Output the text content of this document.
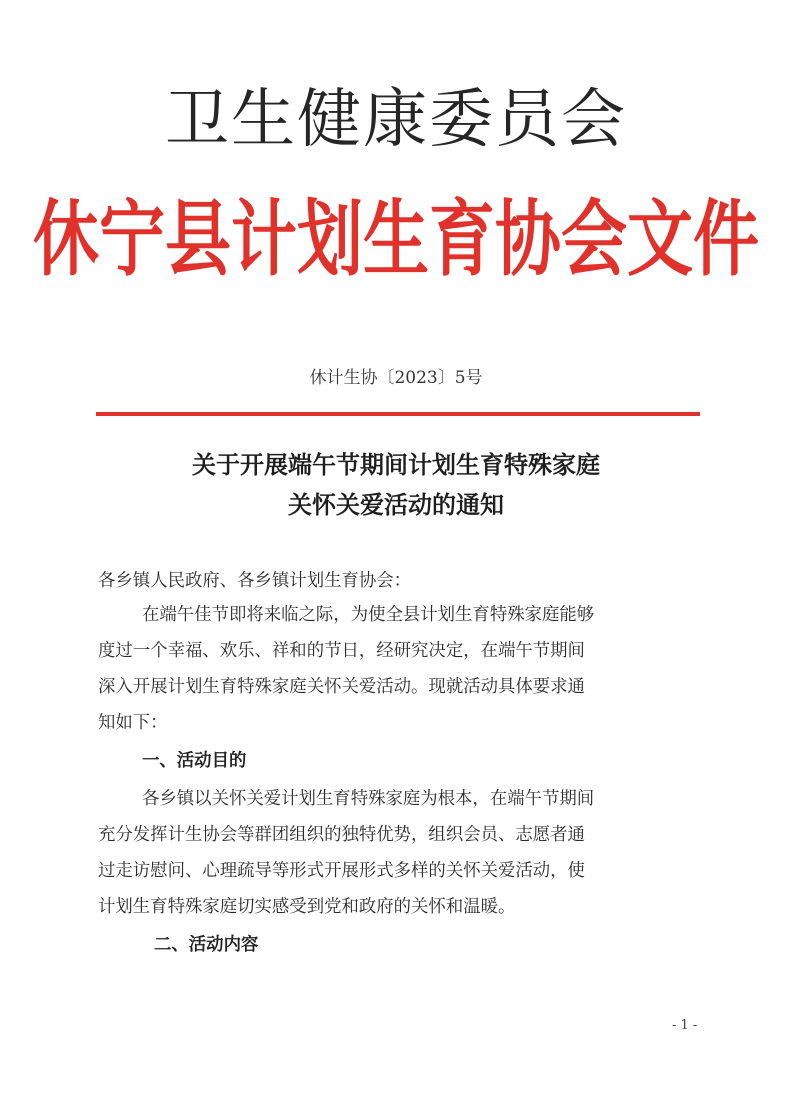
卫生健康委员会
休宁县计划生育协会文件
休计生协〔2023〕5号
关于开展端午节期间计划生育特殊家庭
关怀关爱活动的通知
各乡镇人民政府、各乡镇计划生育协会：
在端午佳节即将来临之际，为使全县计划生育特殊家庭能够
度过一个幸福、欢乐、祥和的节日，经研究决定，在端午节期间
深入开展计划生育特殊家庭关怀关爱活动。现就活动具体要求通
知如下：
一、活动目的
各乡镇以关怀关爱计划生育特殊家庭为根本，在端午节期间
充分发挥计生协会等群团组织的独特优势，组织会员、志愿者通
过走访慰问、心理疏导等形式开展形式多样的关怀关爱活动，使
计划生育特殊家庭切实感受到党和政府的关怀和温暖。
二、活动内容
- 1 -
